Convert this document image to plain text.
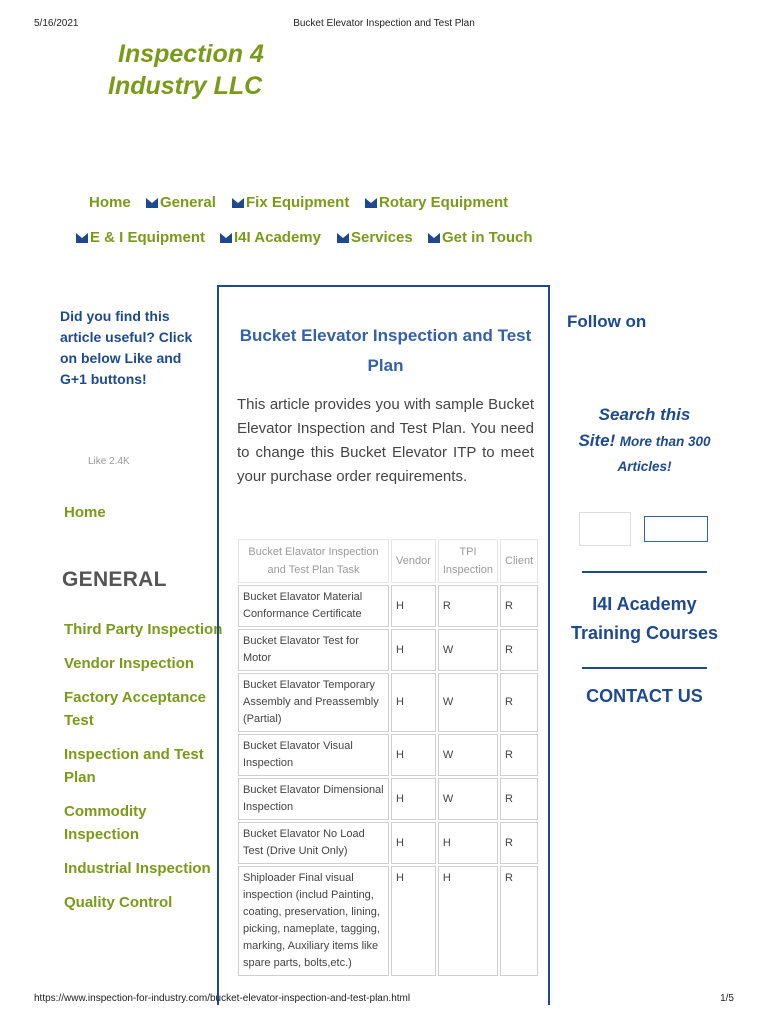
5/16/2021	Bucket Elevator Inspection and Test Plan
Inspection 4
Industry LLC
Home	General	Fix Equipment	Rotary Equipment
E & I Equipment	I4I Academy	Services	Get in Touch
Did you find this article useful? Click on below Like and G+1 buttons!
Like 2.4K
Home
GENERAL
Third Party Inspection
Vendor Inspection
Factory Acceptance Test
Inspection and Test Plan
Commodity Inspection
Industrial Inspection
Quality Control
Bucket Elevator Inspection and Test Plan
This article provides you with sample Bucket Elevator Inspection and Test Plan. You need to change this Bucket Elevator ITP to meet your purchase order requirements.
Bucket Elavator Inspection and Test Plan Task	Vendor	TPI Inspection	Client
Bucket Elavator Material Conformance Certificate	H	R	R
Bucket Elavator Test for Motor	H	W	R
Bucket Elavator Temporary Assembly and Preassembly (Partial)	H	W	R
Bucket Elavator Visual Inspection	H	W	R
Bucket Elavator Dimensional Inspection	H	W	R
Bucket Elavator No Load Test (Drive Unit Only)	H	H	R
Shiploader Final visual inspection (includ Painting, coating, preservation, lining, picking, nameplate, tagging, marking, Auxiliary items like spare parts, bolts,etc.)	H	H	R
Follow on
Search this
Site! More than 300
Articles!
I4I Academy Training Courses
CONTACT US
https://www.inspection-for-industry.com/bucket-elevator-inspection-and-test-plan.html	1/5
